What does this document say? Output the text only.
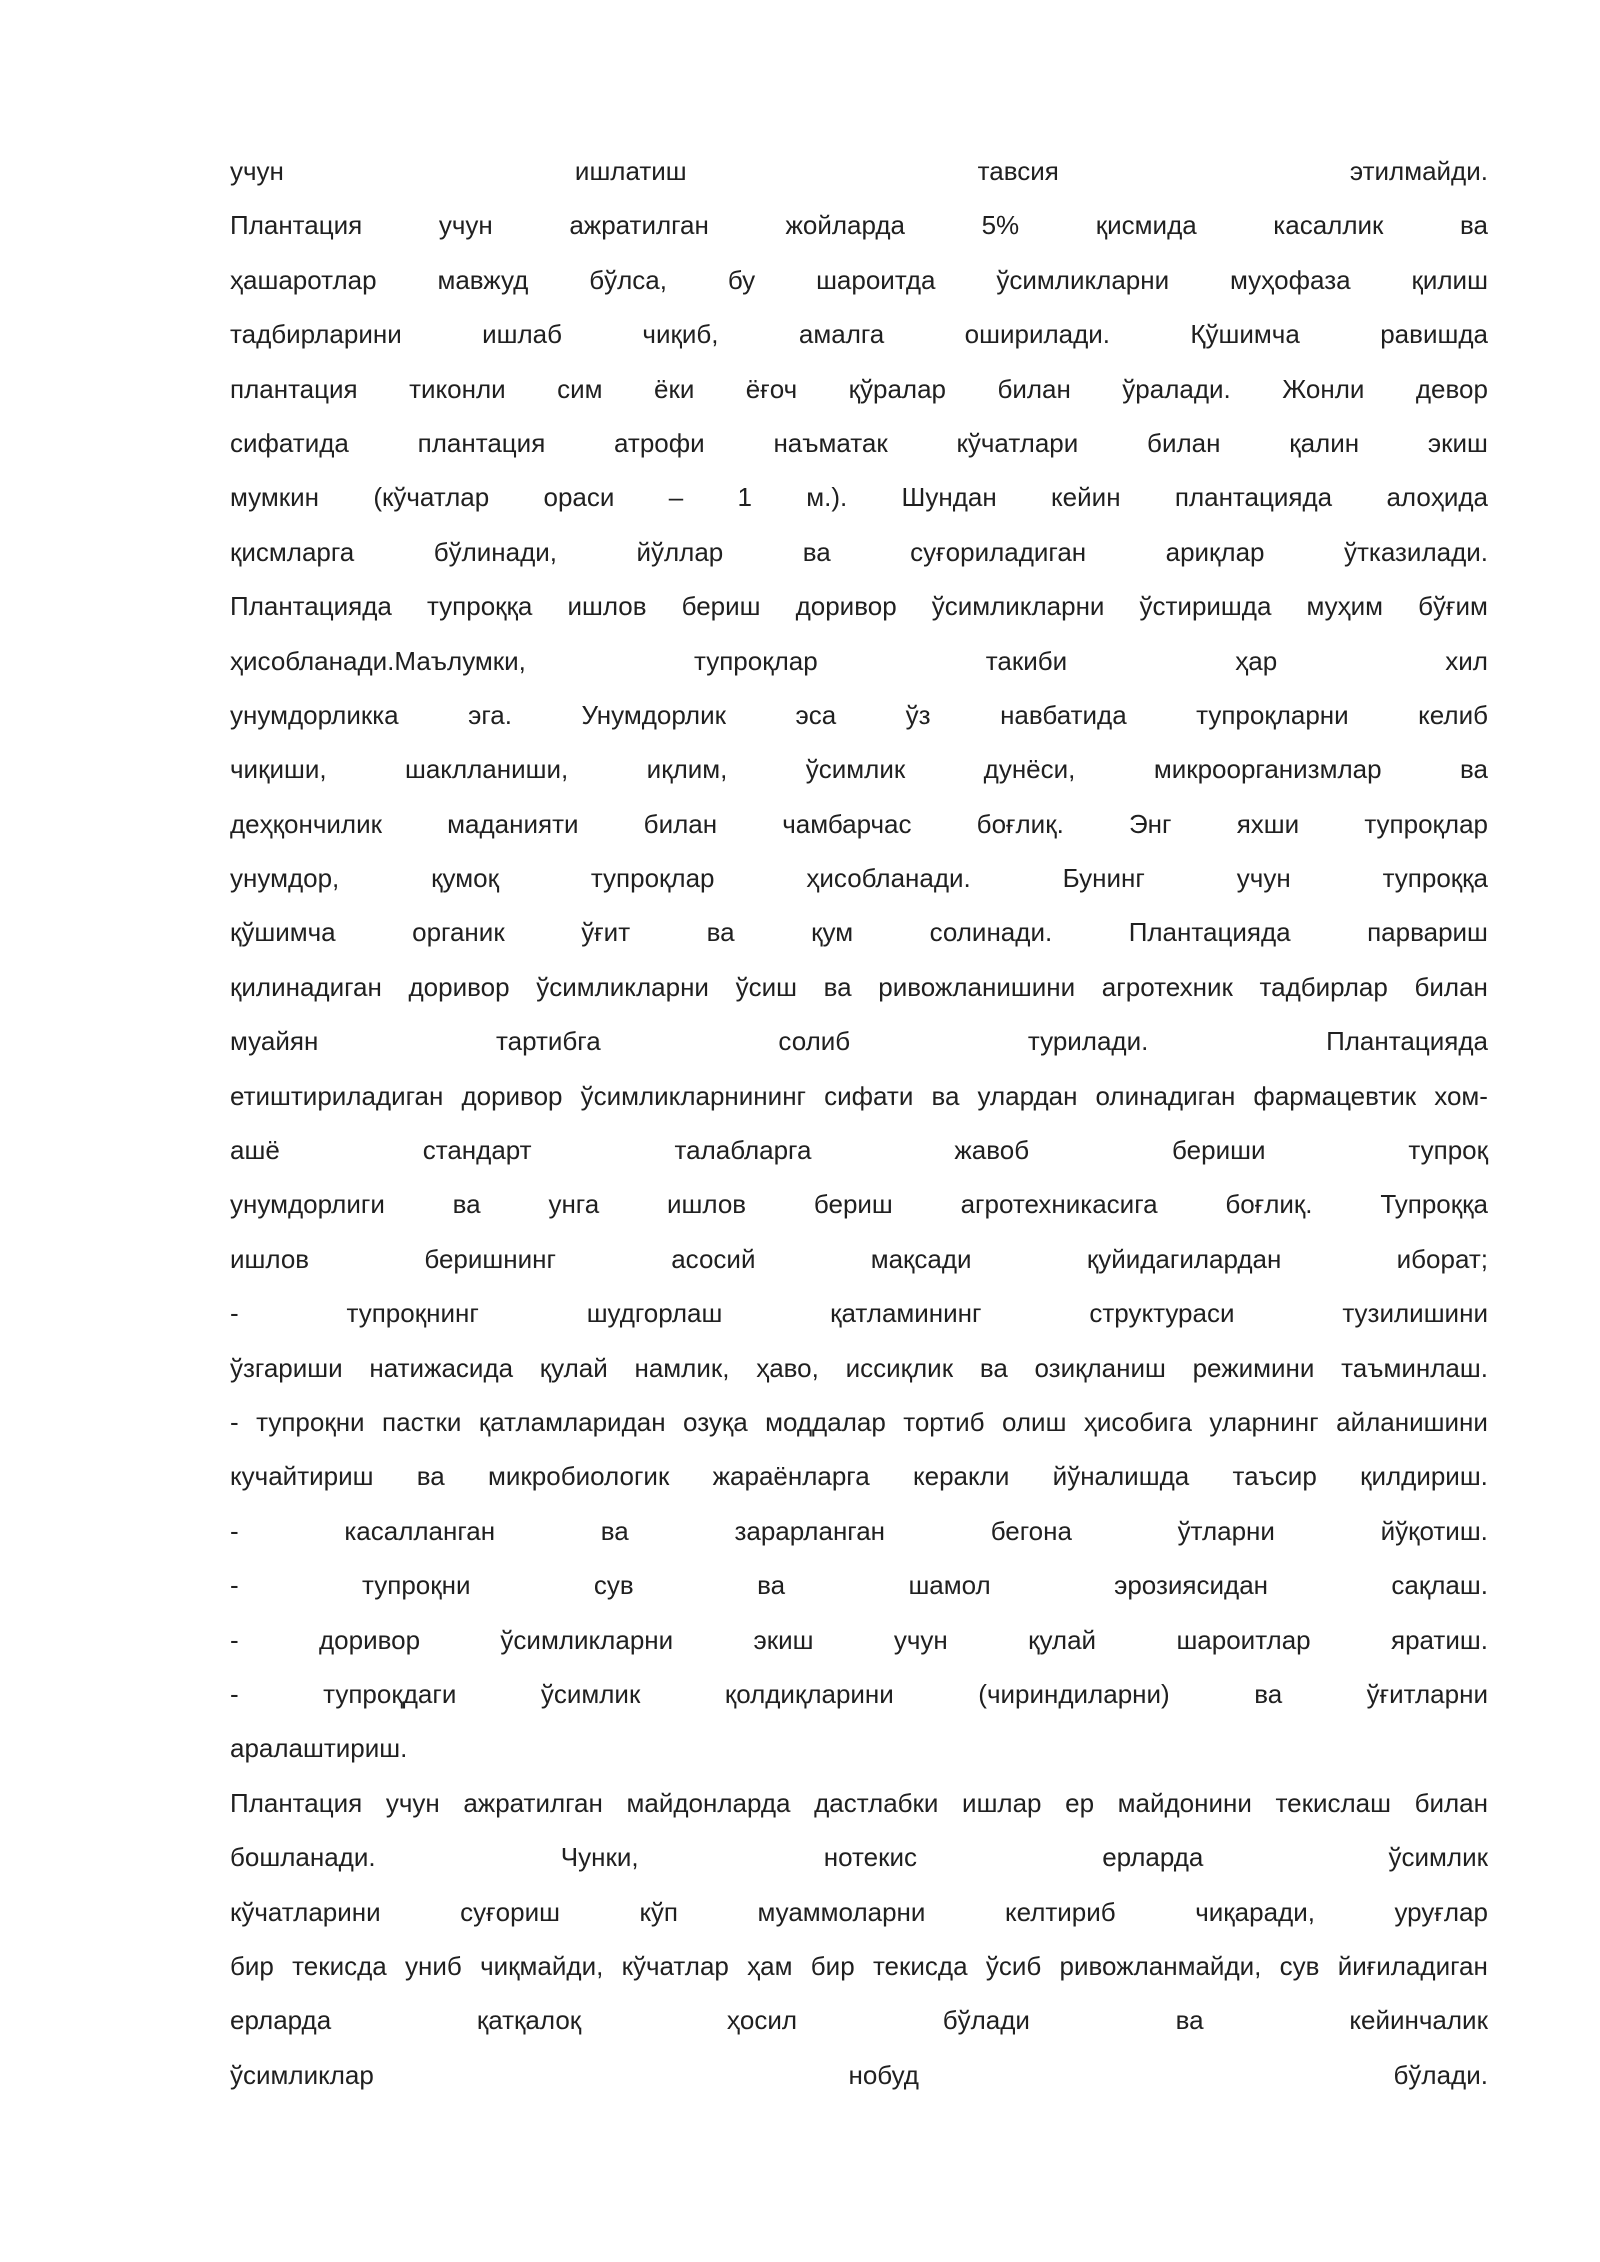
учун	ишлатиш	тавсия	этилмайди.
Плантация	учун	ажратилган	жойларда	5%	қисмида	касаллик	ва
ҳашаротлар мавжуд бўлса, бу шароитда ўсимликларни муҳофаза қилиш
тадбирларини	ишлаб	чиқиб,	амалга	оширилади.	Қўшимча	равишда
плантация тиконли сим ёки ёғоч қўралар билан ўралади. Жонли девор
сифатида	плантация	атрофи	наъматак	кўчатлари	билан	қалин	экиш
мумкин (кўчатлар ораси – 1 м.). Шундан кейин плантацияда алоҳида
қисмларга	бўлинади,	йўллар	ва	суғориладиган	ариқлар	ўтказилади.
Плантацияда тупроққа ишлов бериш доривор ўсимликларни ўстиришда муҳим бўғим
ҳисобланади.Маълумки,	тупроқлар	такиби	ҳар	хил
унумдорликка	эга.	Унумдорлик	эса	ўз	навбатида	тупроқларни	келиб
чиқиши,	шаклланиши,	иқлим,	ўсимлик	дунёси,	микроорганизмлар	ва
деҳқончилик	маданияти	билан	чамбарчас	боғлиқ.	Энг	яхши	тупроқлар
унумдор,	қумоқ	тупроқлар	ҳисобланади.	Бунинг	учун	тупроққа
қўшимча	органик	ўғит	ва	қум	солинади.	Плантацияда	парвариш
қилинадиган доривор ўсимликларни ўсиш ва ривожланишини агротехник тадбирлар билан
муайян	тартибга	солиб	турилади.	Плантацияда
етиштириладиган доривор ўсимликларнининг сифати ва улардан олинадиган фармацевтик хом-
ашё	стандарт	талабларга	жавоб	бериши	тупроқ
унумдорлиги	ва	унга	ишлов	бериш	агротехникасига	боғлиқ.	Тупроққа
ишлов	беришнинг	асосий	мақсади	қуйидагилардан	иборат;
-	тупроқнинг	шудгорлаш	қатламининг	структураси	тузилишини
ўзгариши натижасида қулай намлик, ҳаво, иссиқлик ва озиқланиш режимини таъминлаш.
- тупроқни пастки қатламларидан озуқа моддалар тортиб олиш ҳисобига уларнинг айланишини
кучайтириш ва микробиологик жараёнларга керакли йўналишда таъсир қилдириш.
-	касалланган	ва	зарарланган	бегона	ўтларни	йўқотиш.
-	тупроқни	сув	ва	шамол	эрозиясидан	сақлаш.
-	доривор	ўсимликларни	экиш	учун	қулай	шароитлар	яратиш.
-	тупроқдаги	ўсимлик	қолдиқларини	(чириндиларни)	ва	ўғитларни
аралаштириш.
Плантация учун ажратилган майдонларда дастлабки ишлар ер майдонини текислаш билан
бошланади.	Чунки,	нотекис	ерларда	ўсимлик
кўчатларини	суғориш	кўп	муаммоларни	келтириб	чиқаради,	уруғлар
бир текисда униб чиқмайди, кўчатлар ҳам бир текисда ўсиб ривожланмайди, сув йиғиладиган
ерларда	қатқалоқ	ҳосил	бўлади	ва	кейинчалик
ўсимликлар	нобуд	бўлади.
